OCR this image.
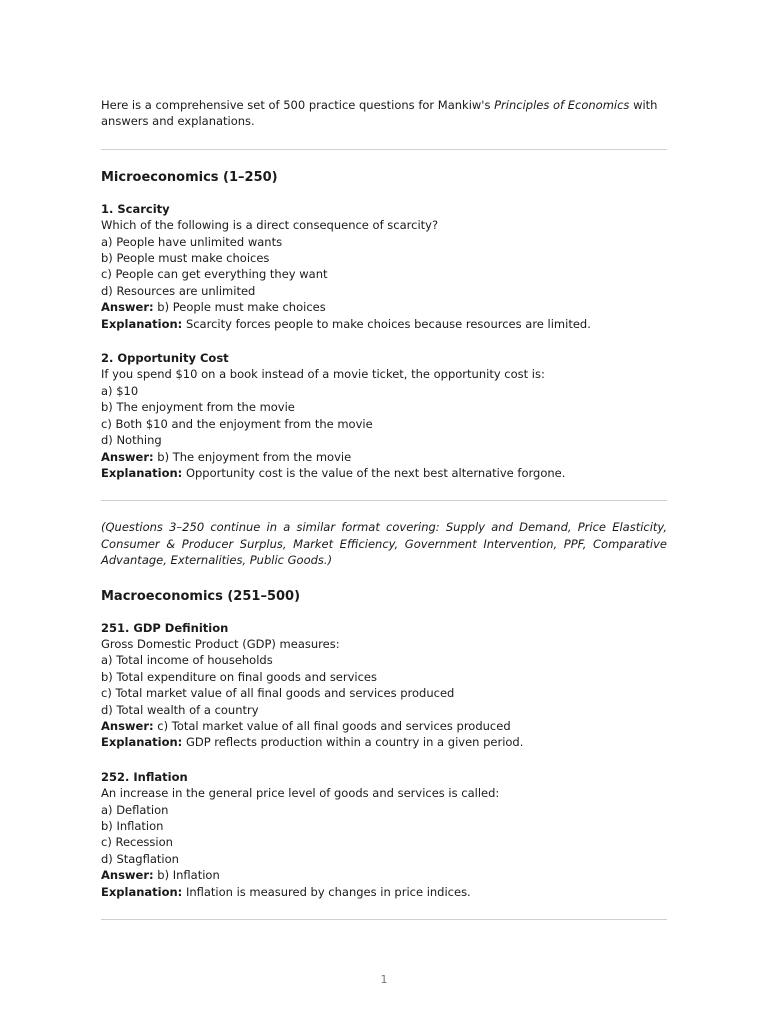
Here is a comprehensive set of 500 practice questions for Mankiw's Principles of Economics with answers and explanations.

Microeconomics (1–250)
1. Scarcity
Which of the following is a direct consequence of scarcity?
a) People have unlimited wants
b) People must make choices
c) People can get everything they want
d) Resources are unlimited
Answer: b) People must make choices
Explanation: Scarcity forces people to make choices because resources are limited.
2. Opportunity Cost
If you spend $10 on a book instead of a movie ticket, the opportunity cost is:
a) $10
b) The enjoyment from the movie
c) Both $10 and the enjoyment from the movie
d) Nothing
Answer: b) The enjoyment from the movie
Explanation: Opportunity cost is the value of the next best alternative forgone.

(Questions 3–250 continue in a similar format covering: Supply and Demand, Price Elasticity, Consumer & Producer Surplus, Market Efficiency, Government Intervention, PPF, Comparative Advantage, Externalities, Public Goods.)

Macroeconomics (251–500)
251. GDP Definition
Gross Domestic Product (GDP) measures:
a) Total income of households
b) Total expenditure on final goods and services
c) Total market value of all final goods and services produced
d) Total wealth of a country
Answer: c) Total market value of all final goods and services produced
Explanation: GDP reflects production within a country in a given period.
252. Inflation
An increase in the general price level of goods and services is called:
a) Deflation
b) Inflation
c) Recession
d) Stagflation
Answer: b) Inflation
Explanation: Inflation is measured by changes in price indices.
1
